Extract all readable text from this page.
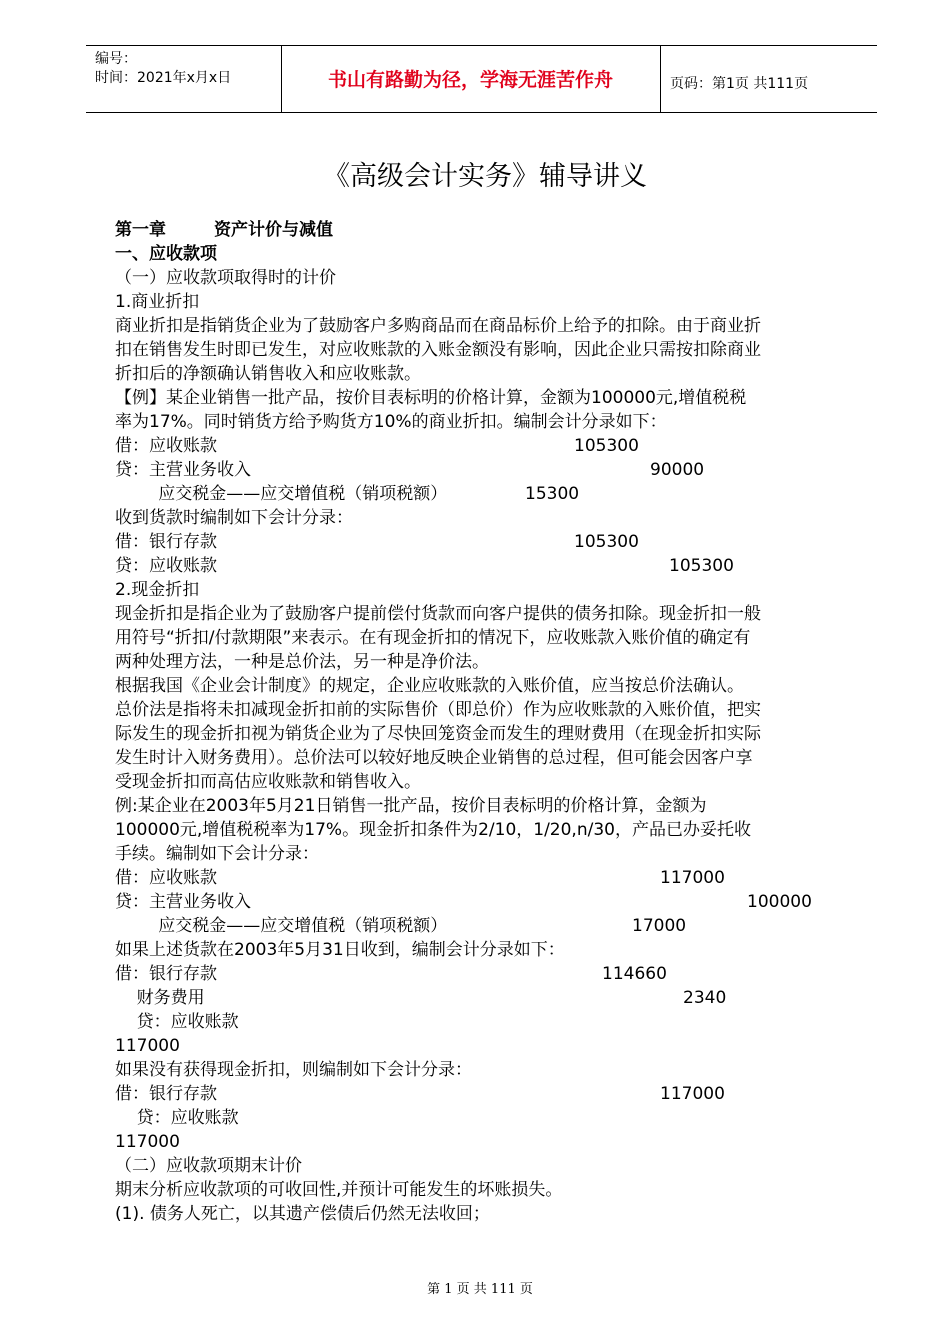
编号：
时间：2021年x月x日	书山有路勤为径，学海无涯苦作舟	页码：第1页 共111页
《高级会计实务》辅导讲义
第一章	资产计价与减值
一、应收款项
（一）应收款项取得时的计价
1.商业折扣
商业折扣是指销货企业为了鼓励客户多购商品而在商品标价上给予的扣除。由于商业折
扣在销售发生时即已发生，对应收账款的入账金额没有影响，因此企业只需按扣除商业
折扣后的净额确认销售收入和应收账款。
【例】某企业销售一批产品，按价目表标明的价格计算，金额为100000元,增值税税
率为17%。同时销货方给予购货方10%的商业折扣。编制会计分录如下：
借：应收账款	105300
贷：主营业务收入	90000
应交税金——应交增值税（销项税额）	15300
收到货款时编制如下会计分录：
借：银行存款	105300
贷：应收账款	105300
2.现金折扣
现金折扣是指企业为了鼓励客户提前偿付货款而向客户提供的债务扣除。现金折扣一般
用符号“折扣/付款期限”来表示。在有现金折扣的情况下，应收账款入账价值的确定有
两种处理方法，一种是总价法，另一种是净价法。
根据我国《企业会计制度》的规定，企业应收账款的入账价值，应当按总价法确认。
总价法是指将未扣减现金折扣前的实际售价（即总价）作为应收账款的入账价值，把实
际发生的现金折扣视为销货企业为了尽快回笼资金而发生的理财费用（在现金折扣实际
发生时计入财务费用）。总价法可以较好地反映企业销售的总过程，但可能会因客户享
受现金折扣而高估应收账款和销售收入。
例:某企业在2003年5月21日销售一批产品，按价目表标明的价格计算，金额为
100000元,增值税税率为17%。现金折扣条件为2/10，1/20,n/30，产品已办妥托收
手续。编制如下会计分录：
借：应收账款	117000
贷：主营业务收入	100000
应交税金——应交增值税（销项税额）	17000
如果上述货款在2003年5月31日收到，编制会计分录如下：
借：银行存款	114660
财务费用	2340
贷：应收账款
117000
如果没有获得现金折扣，则编制如下会计分录：
借：银行存款	117000
贷：应收账款
117000
（二）应收款项期末计价
期末分析应收款项的可收回性,并预计可能发生的坏账损失。
(1). 债务人死亡，以其遗产偿债后仍然无法收回；
第 1 页 共 111 页
